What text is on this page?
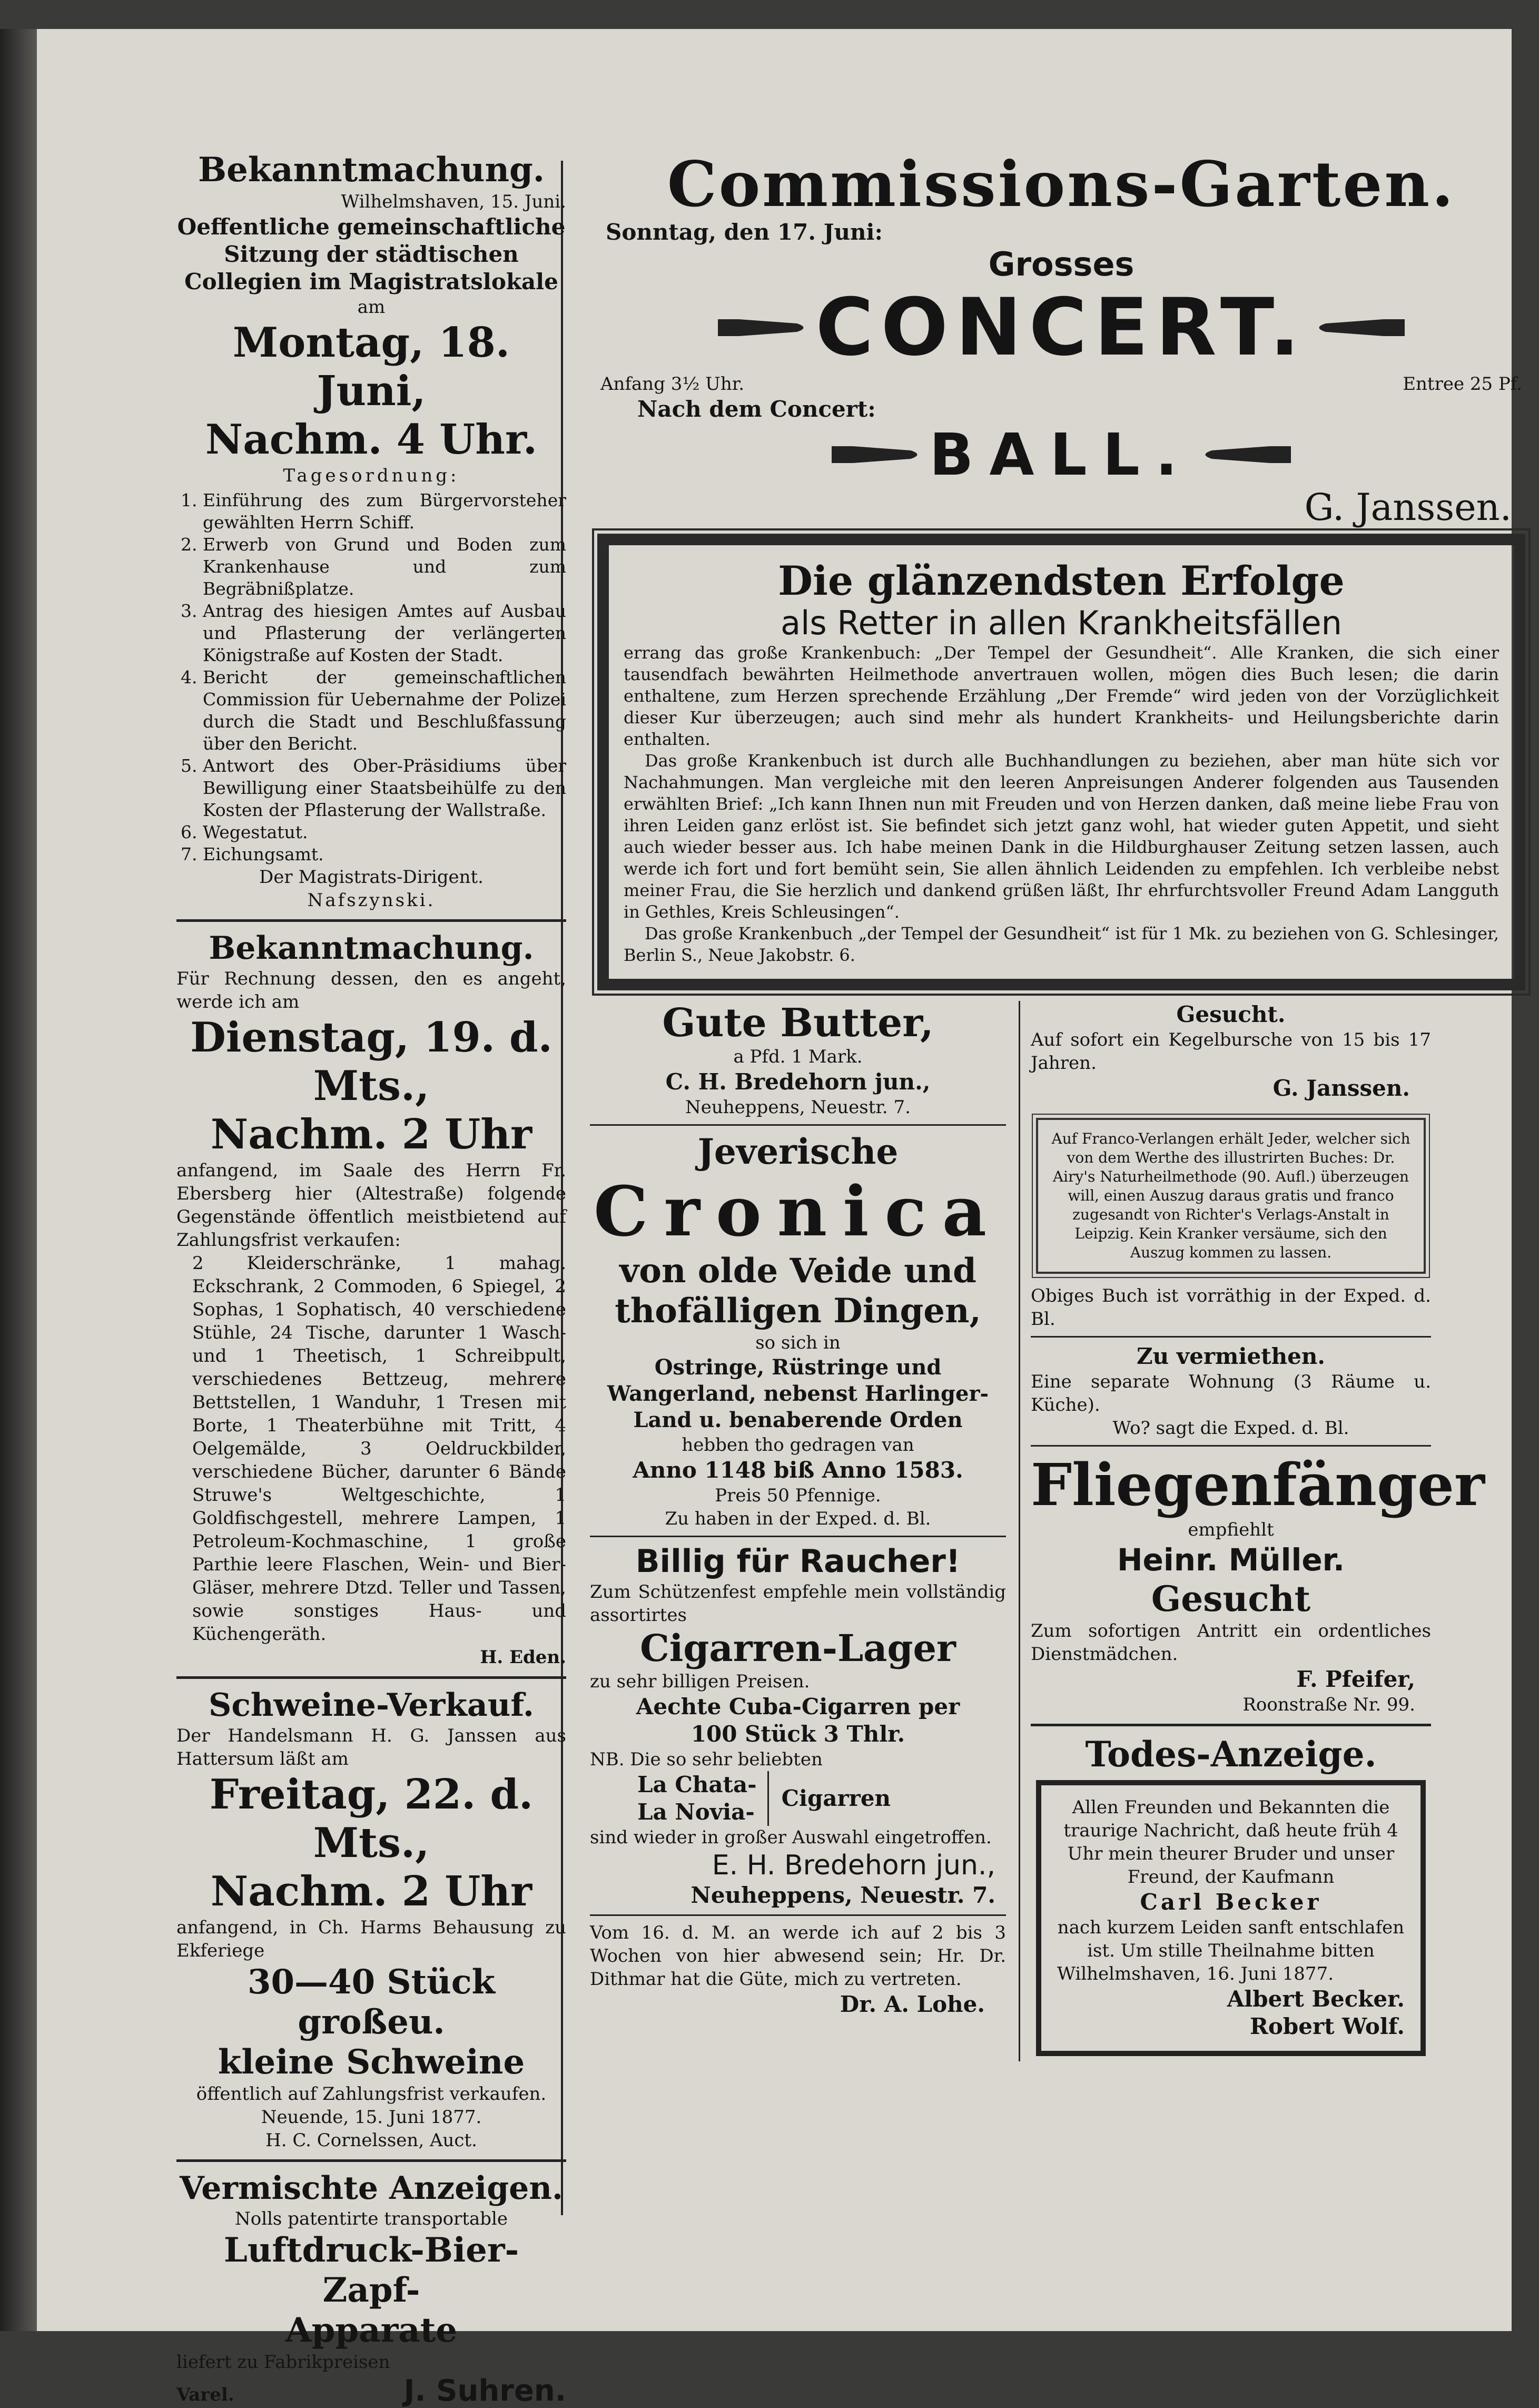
Bekanntmachung.

Wilhelmshaven, 15. Juni.

Oeffentliche gemeinschaftliche Sitzung der städtischen Collegien im Magistratslokale

am

Montag, 18. Juni,

Nachm. 4 Uhr.

Tagesordnung:

1. Einführung des zum Bürgervorsteher gewählten Herrn Schiff.
2. Erwerb von Grund und Boden zum Krankenhause und zum Begräbnißplatze.
3. Antrag des hiesigen Amtes auf Ausbau und Pflasterung der verlängerten Königstraße auf Kosten der Stadt.
4. Bericht der gemeinschaftlichen Commission für Uebernahme der Polizei durch die Stadt und Beschlußfassung über den Bericht.
5. Antwort des Ober-Präsidiums über Bewilligung einer Staatsbeihülfe zu den Kosten der Pflasterung der Wallstraße.
6. Wegestatut.
7. Eichungsamt.

Der Magistrats-Dirigent.

Nafszynski.

Bekanntmachung.

Für Rechnung dessen, den es angeht, werde ich am

Dienstag, 19. d. Mts.,

Nachm. 2 Uhr

anfangend, im Saale des Herrn Fr. Ebersberg hier (Altestraße) folgende Gegenstände öffentlich meistbietend auf Zahlungsfrist verkaufen:

2 Kleiderschränke, 1 mahag. Eckschrank, 2 Commoden, 6 Spiegel, 2 Sophas, 1 Sophatisch, 40 verschiedene Stühle, 24 Tische, darunter 1 Wasch- und 1 Theetisch, 1 Schreibpult, verschiedenes Bettzeug, mehrere Bettstellen, 1 Wanduhr, 1 Tresen mit Borte, 1 Theaterbühne mit Tritt, 4 Oelgemälde, 3 Oeldruckbilder, verschiedene Bücher, darunter 6 Bände Struwe's Weltgeschichte, 1 Goldfischgestell, mehrere Lampen, 1 Petroleum-Kochmaschine, 1 große Parthie leere Flaschen, Wein- und Bier-Gläser, mehrere Dtzd. Teller und Tassen, sowie sonstiges Haus- und Küchengeräth.

H. Eden.

Schweine-Verkauf.

Der Handelsmann H. G. Janssen aus Hattersum läßt am

Freitag, 22. d. Mts.,

Nachm. 2 Uhr

anfangend, in Ch. Harms Behausung zu Ekferiege

30—40 Stück großeu.

kleine Schweine

öffentlich auf Zahlungsfrist verkaufen.

Neuende, 15. Juni 1877.

H. C. Cornelssen, Auct.

Vermischte Anzeigen.

Nolls patentirte transportable

Luftdruck-Bier-Zapf-

Apparate

liefert zu Fabrikpreisen

Varel.	J. Suhren.

Commissions-Garten.

Sonntag, den 17. Juni:

Grosses

CONCERT.
Anfang 3½ Uhr.	Entree 25 Pf.

Nach dem Concert:

BALL.

G. Janssen.

Die glänzendsten Erfolge

als Retter in allen Krankheitsfällen

errang das große Krankenbuch: „Der Tempel der Gesundheit“. Alle Kranken, die sich einer tausendfach bewährten Heilmethode anvertrauen wollen, mögen dies Buch lesen; die darin enthaltene, zum Herzen sprechende Erzählung „Der Fremde“ wird jeden von der Vorzüglichkeit dieser Kur überzeugen; auch sind mehr als hundert Krankheits- und Heilungsberichte darin enthalten.

Das große Krankenbuch ist durch alle Buchhandlungen zu beziehen, aber man hüte sich vor Nachahmungen. Man vergleiche mit den leeren Anpreisungen Anderer folgenden aus Tausenden erwählten Brief: „Ich kann Ihnen nun mit Freuden und von Herzen danken, daß meine liebe Frau von ihren Leiden ganz erlöst ist. Sie befindet sich jetzt ganz wohl, hat wieder guten Appetit, und sieht auch wieder besser aus. Ich habe meinen Dank in die Hildburghauser Zeitung setzen lassen, auch werde ich fort und fort bemüht sein, Sie allen ähnlich Leidenden zu empfehlen. Ich verbleibe nebst meiner Frau, die Sie herzlich und dankend grüßen läßt, Ihr ehrfurchtsvoller Freund Adam Langguth in Gethles, Kreis Schleusingen“.

Das große Krankenbuch „der Tempel der Gesundheit“ ist für 1 Mk. zu beziehen von G. Schlesinger, Berlin S., Neue Jakobstr. 6.

Gute Butter,

a Pfd. 1 Mark.

C. H. Bredehorn jun.,

Neuheppens, Neuestr. 7.

Jeverische

Cronica

von olde Veide und

thofälligen Dingen,

so sich in

Ostringe, Rüstringe und Wangerland, nebenst Harlinger-Land u. benaberende Orden

hebben tho gedragen van

Anno 1148 biß Anno 1583.

Preis 50 Pfennige.

Zu haben in der Exped. d. Bl.

Billig für Raucher!

Zum Schützenfest empfehle mein vollständig assortirtes

Cigarren-Lager

zu sehr billigen Preisen.

Aechte Cuba-Cigarren per

100 Stück 3 Thlr.

NB. Die so sehr beliebten

La Chata-

La Novia-

Cigarren

sind wieder in großer Auswahl eingetroffen.

E. H. Bredehorn jun.,

Neuheppens, Neuestr. 7.

Vom 16. d. M. an werde ich auf 2 bis 3 Wochen von hier abwesend sein; Hr. Dr. Dithmar hat die Güte, mich zu vertreten.

Dr. A. Lohe.

Gesucht.

Auf sofort ein Kegelbursche von 15 bis 17 Jahren.

G. Janssen.

Auf Franco-Verlangen erhält Jeder, welcher sich von dem Werthe des illustrirten Buches: Dr. Airy's Naturheilmethode (90. Aufl.) überzeugen will, einen Auszug daraus gratis und franco zugesandt von Richter's Verlags-Anstalt in Leipzig. Kein Kranker versäume, sich den Auszug kommen zu lassen.

Obiges Buch ist vorräthig in der Exped. d. Bl.

Zu vermiethen.

Eine separate Wohnung (3 Räume u. Küche).

Wo? sagt die Exped. d. Bl.

Fliegenfänger

empfiehlt

Heinr. Müller.

Gesucht

Zum sofortigen Antritt ein ordentliches Dienstmädchen.

F. Pfeifer,

Roonstraße Nr. 99.

Todes-Anzeige.

Allen Freunden und Bekannten die traurige Nachricht, daß heute früh 4 Uhr mein theurer Bruder und unser Freund, der Kaufmann

Carl Becker

nach kurzem Leiden sanft entschlafen ist. Um stille Theilnahme bitten

Wilhelmshaven, 16. Juni 1877.

Albert Becker.

Robert Wolf.
